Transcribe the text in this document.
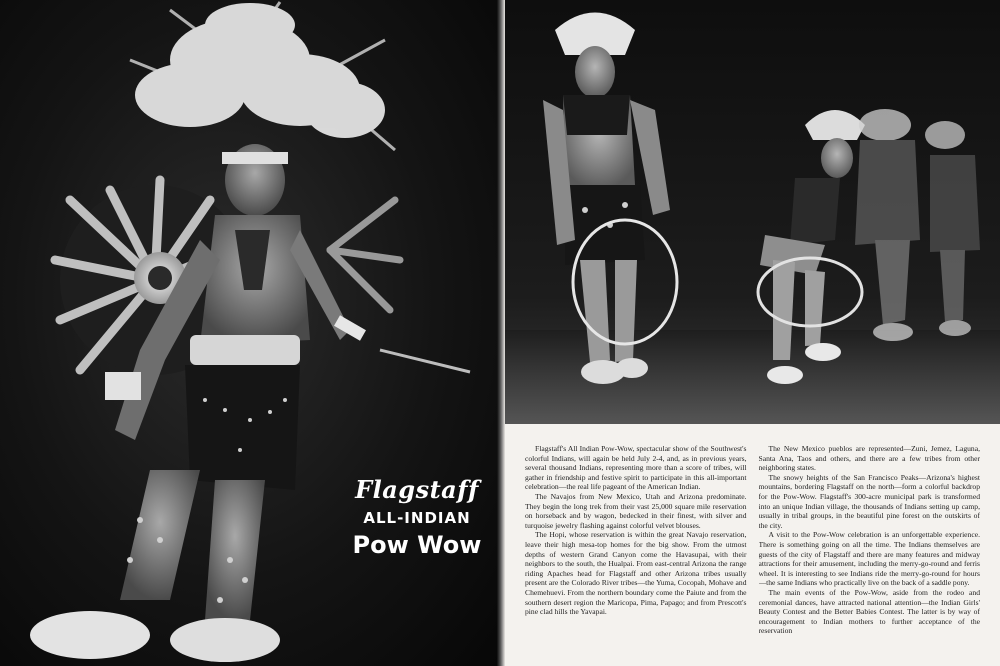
Flagstaff
ALL-INDIAN
Pow Wow

Flagstaff's All Indian Pow-Wow, spectacular show of the Southwest's colorful Indians, will again be held July 2-4, and, as in previous years, several thousand Indians, representing more than a score of tribes, will gather in friendship and festive spirit to participate in this all-important celebration—the real life pageant of the American Indian.

The Navajos from New Mexico, Utah and Arizona predominate. They begin the long trek from their vast 25,000 square mile reservation on horseback and by wagon, bedecked in their finest, with silver and turquoise jewelry flashing against colorful velvet blouses.

The Hopi, whose reservation is within the great Navajo reservation, leave their high mesa-top homes for the big show. From the utmost depths of western Grand Canyon come the Havasupai, with their neighbors to the south, the Hualpai. From east-central Arizona the range riding Apaches head for Flagstaff and other Arizona tribes usually present are the Colorado River tribes—the Yuma, Cocopah, Mohave and Chemehuevi. From the northern boundary come the Paiute and from the southern desert region the Maricopa, Pima, Papago; and from Prescott's pine clad hills the Yavapai.

The New Mexico pueblos are represented—Zuni, Jemez, Laguna, Santa Ana, Taos and others, and there are a few tribes from other neighboring states.

The snowy heights of the San Francisco Peaks—Arizona's highest mountains, bordering Flagstaff on the north—form a colorful backdrop for the Pow-Wow. Flagstaff's 300-acre municipal park is transformed into an unique Indian village, the thousands of Indians setting up camp, usually in tribal groups, in the beautiful pine forest on the outskirts of the city.

A visit to the Pow-Wow celebration is an unforgettable experience. There is something going on all the time. The Indians themselves are guests of the city of Flagstaff and there are many features and midway attractions for their amusement, including the merry-go-round and ferris wheel. It is interesting to see Indians ride the merry-go-round for hours—the same Indians who practically live on the back of a saddle pony.

The main events of the Pow-Wow, aside from the rodeo and ceremonial dances, have attracted national attention—the Indian Girls' Beauty Contest and the Better Babies Contest. The latter is by way of encouragement to Indian mothers to further acceptance of the reservation
